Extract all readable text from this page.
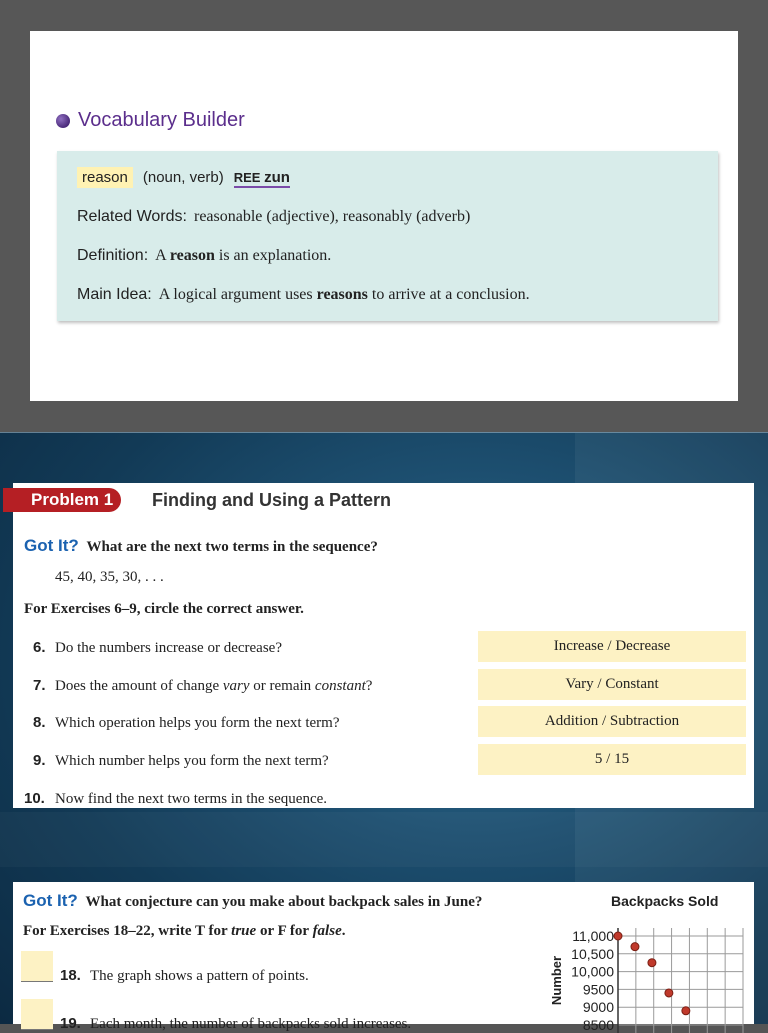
Vocabulary Builder
reason (noun, verb) REE zun
Related Words: reasonable (adjective), reasonably (adverb)
Definition: A reason is an explanation.
Main Idea: A logical argument uses reasons to arrive at a conclusion.
Problem 1	Finding and Using a Pattern
Got It? What are the next two terms in the sequence?
45, 40, 35, 30, . . .
For Exercises 6–9, circle the correct answer.
6. Do the numbers increase or decrease?	Increase / Decrease
7. Does the amount of change vary or remain constant?	Vary / Constant
8. Which operation helps you form the next term?	Addition / Subtraction
9. Which number helps you form the next term?	5 / 15
10. Now find the next two terms in the sequence.
Got It? What conjecture can you make about backpack sales in June?
For Exercises 18–22, write T for true or F for false.
18. The graph shows a pattern of points.
19. Each month, the number of backpacks sold increases.
Backpacks Sold
11,000
10,500
10,000
9500
9000
8500
Number
